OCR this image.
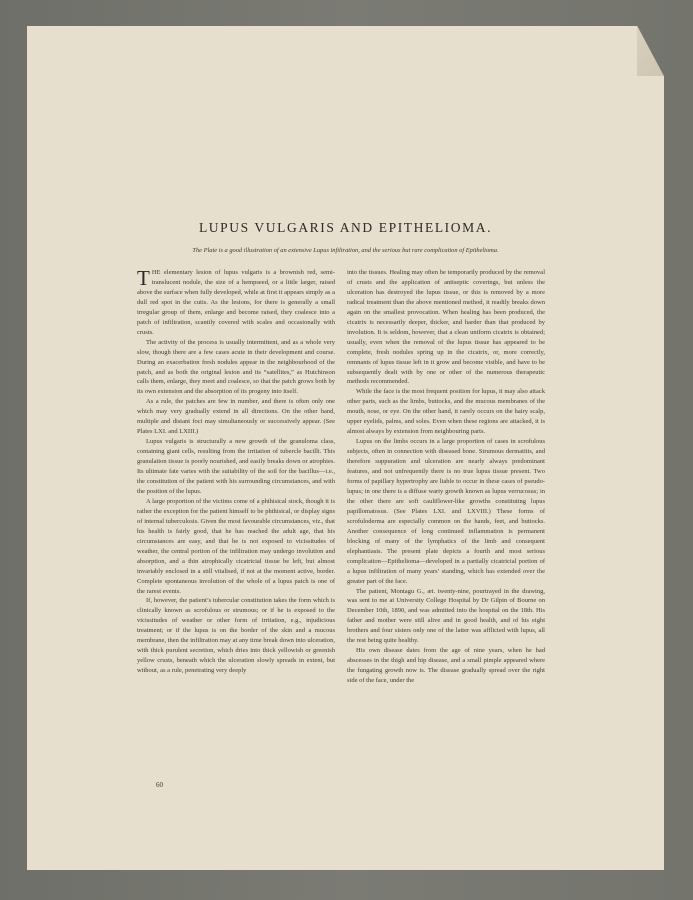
LUPUS VULGARIS AND EPITHELIOMA.

The Plate is a good illustration of an extensive Lupus infiltration, and the serious but rare complication of Epithelioma.

THE elementary lesion of lupus vulgaris is a brownish red, semi-translucent nodule, the size of a hempseed, or a little larger, raised above the surface when fully developed, while at first it appears simply as a dull red spot in the cutis. As the lesions, for there is generally a small irregular group of them, enlarge and become raised, they coalesce into a patch of infiltration, scantily covered with scales and occasionally with crusts.

The activity of the process is usually intermittent, and as a whole very slow, though there are a few cases acute in their development and course. During an exacerbation fresh nodules appear in the neighbourhood of the patch, and as both the original lesion and its “satellites,” as Hutchinson calls them, enlarge, they meet and coalesce, so that the patch grows both by its own extension and the absorption of its progeny into itself.

As a rule, the patches are few in number, and there is often only one which may very gradually extend in all directions. On the other hand, multiple and distant foci may simultaneously or successively appear. (See Plates LXI. and LXIII.)

Lupus vulgaris is structurally a new growth of the granuloma class, containing giant cells, resulting from the irritation of tubercle bacilli. This granulation tissue is poorly nourished, and easily breaks down or atrophies. Its ultimate fate varies with the suitability of the soil for the bacillus—i.e., the constitution of the patient with his surrounding circumstances, and with the position of the lupus.

A large proportion of the victims come of a phthisical stock, though it is rather the exception for the patient himself to be phthisical, or display signs of internal tuberculosis. Given the most favourable circumstances, viz., that his health is fairly good, that he has reached the adult age, that his circumstances are easy, and that he is not exposed to vicissitudes of weather, the central portion of the infiltration may undergo involution and absorption, and a thin atrophically cicatricial tissue be left, but almost invariably enclosed in a still vitalised, if not at the moment active, border. Complete spontaneous involution of the whole of a lupus patch is one of the rarest events.

If, however, the patient’s tubercular constitution takes the form which is clinically known as scrofulous or strumous; or if he is exposed to the vicissitudes of weather or other form of irritation, e.g., injudicious treatment; or if the lupus is on the border of the skin and a mucous membrane, then the infiltration may at any time break down into ulceration, with thick purulent secretion, which dries into thick yellowish or greenish yellow crusts, beneath which the ulceration slowly spreads in extent, but without, as a rule, penetrating very deeply

into the tissues. Healing may often be temporarily produced by the removal of crusts and the application of antiseptic coverings, but unless the ulceration has destroyed the lupus tissue, or this is removed by a more radical treatment than the above mentioned method, it readily breaks down again on the smallest provocation. When healing has been produced, the cicatrix is necessarily deeper, thicker, and harder than that produced by involution. It is seldom, however, that a clean uniform cicatrix is obtained; usually, even when the removal of the lupus tissue has appeared to be complete, fresh nodules spring up in the cicatrix, or, more correctly, remnants of lupus tissue left in it grow and become visible, and have to be subsequently dealt with by one or other of the numerous therapeutic methods recommended.

While the face is the most frequent position for lupus, it may also attack other parts, such as the limbs, buttocks, and the mucous membranes of the mouth, nose, or eye. On the other hand, it rarely occurs on the hairy scalp, upper eyelids, palms, and soles. Even when these regions are attacked, it is almost always by extension from neighbouring parts.

Lupus on the limbs occurs in a large proportion of cases in scrofulous subjects, often in connection with diseased bone. Strumous dermatitis, and therefore suppuration and ulceration are nearly always predominant features, and not unfrequently there is no true lupus tissue present. Two forms of papillary hypertrophy are liable to occur in these cases of pseudo-lupus; in one there is a diffuse warty growth known as lupus verrucosus; in the other there are soft cauliflower-like growths constituting lupus papillomatosus. (See Plates LXI. and LXVIII.) These forms of scrofuloderma are especially common on the hands, feet, and buttocks. Another consequence of long continued inflammation is permanent blocking of many of the lymphatics of the limb and consequent elephantiasis. The present plate depicts a fourth and most serious complication—Epithelioma—developed in a partially cicatricial portion of a lupus infiltration of many years’ standing, which has extended over the greater part of the face.

The patient, Montagu G., æt. twenty-nine, pourtrayed in the drawing, was sent to me at University College Hospital by Dr Gilpin of Bourne on December 10th, 1890, and was admitted into the hospital on the 18th. His father and mother were still alive and in good health, and of his eight brothers and four sisters only one of the latter was afflicted with lupus, all the rest being quite healthy.

His own disease dates from the age of nine years, when he had abscesses in the thigh and hip disease, and a small pimple appeared where the fungating growth now is. The disease gradually spread over the right side of the face, under the

60
